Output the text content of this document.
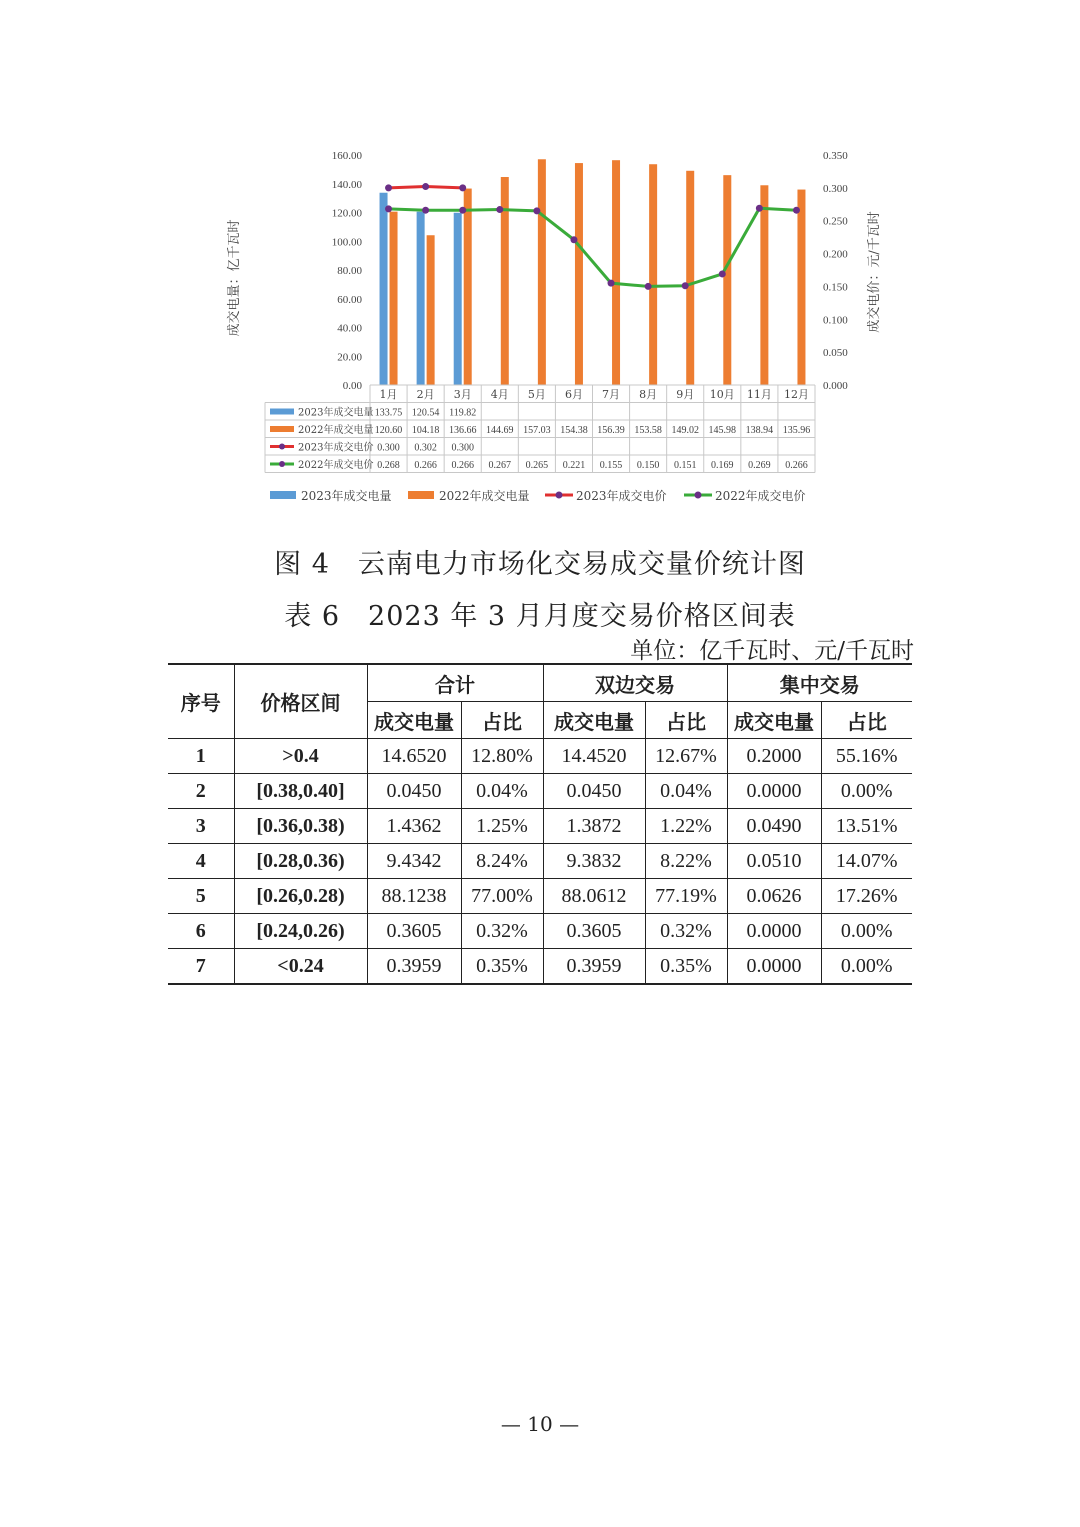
0.00
20.00
40.00
60.00
80.00
100.00
120.00
140.00
160.00
0.000
0.050
0.100
0.150
0.200
0.250
0.300
0.350
成交电量：亿千瓦时	成交电价：元/千瓦时
1月 2月 3月 4月 5月 6月 7月 8月 9月 10月 11月 12月
2023年成交电量 133.75 120.54 119.82
2022年成交电量 120.60 104.18 136.66 144.69 157.03 154.38 156.39 153.58 149.02 145.98 138.94 135.96
2023年成交电价 0.300 0.302 0.300
2022年成交电价 0.268 0.266 0.266 0.267 0.265 0.221 0.155 0.150 0.151 0.169 0.269 0.266
2023年成交电量	2022年成交电量	2023年成交电价	2022年成交电价
图 4　云南电力市场化交易成交量价统计图
表 6　2023 年 3 月月度交易价格区间表
单位：亿千瓦时、元/千瓦时
序号	价格区间	合计		双边交易		集中交易	
		成交电量	占比	成交电量	占比	成交电量	占比
1	>0.4	14.6520	12.80%	14.4520	12.67%	0.2000	55.16%
2	[0.38,0.40]	0.0450	0.04%	0.0450	0.04%	0.0000	0.00%
3	[0.36,0.38)	1.4362	1.25%	1.3872	1.22%	0.0490	13.51%
4	[0.28,0.36)	9.4342	8.24%	9.3832	8.22%	0.0510	14.07%
5	[0.26,0.28)	88.1238	77.00%	88.0612	77.19%	0.0626	17.26%
6	[0.24,0.26)	0.3605	0.32%	0.3605	0.32%	0.0000	0.00%
7	<0.24	0.3959	0.35%	0.3959	0.35%	0.0000	0.00%
— 10 —
